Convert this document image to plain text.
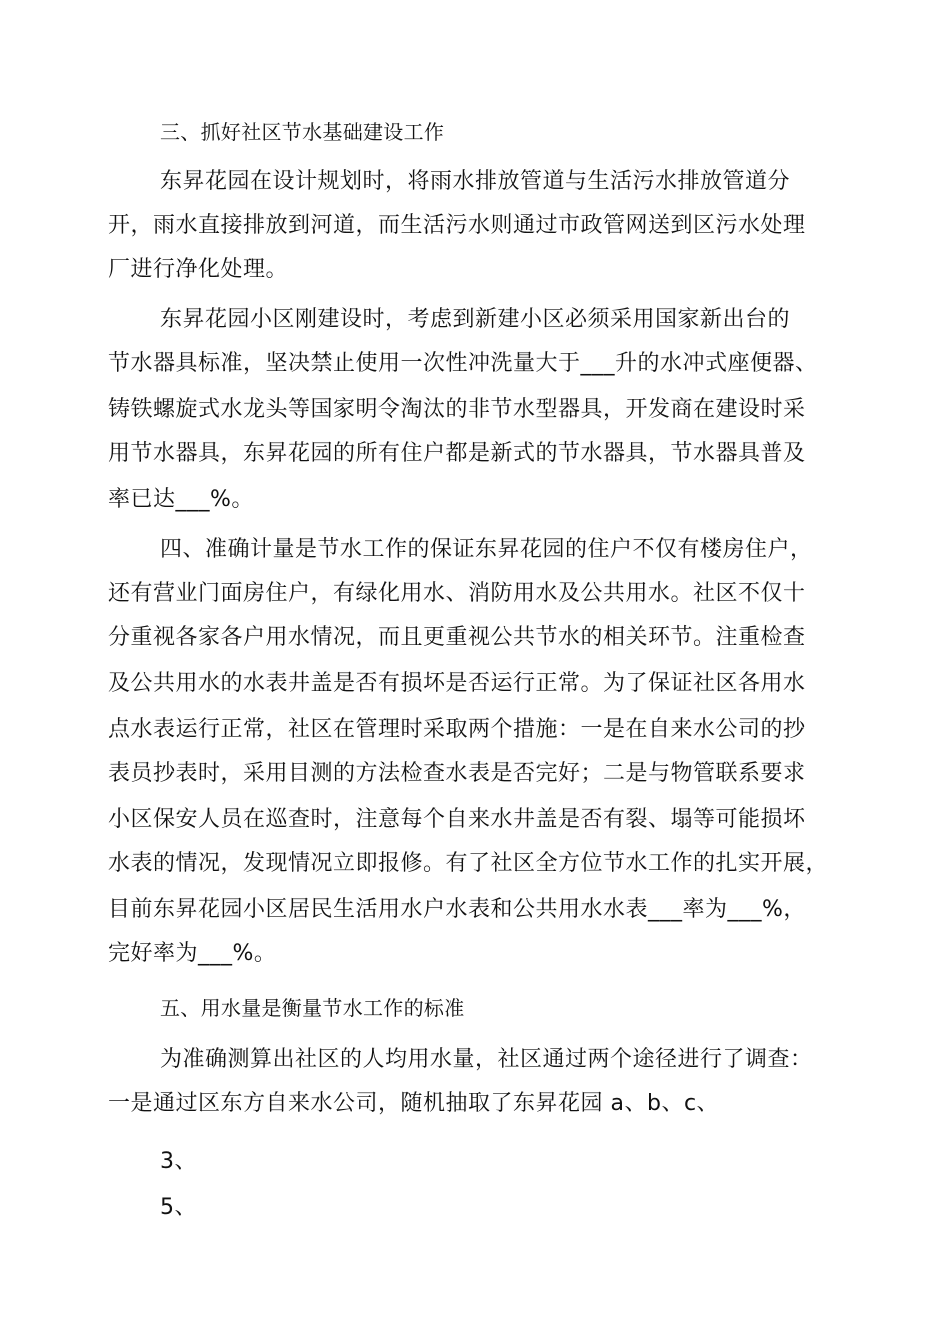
三、抓好社区节水基础建设工作
东昇花园在设计规划时，将雨水排放管道与生活污水排放管道分
开，雨水直接排放到河道，而生活污水则通过市政管网送到区污水处理
厂进行净化处理。
东昇花园小区刚建设时，考虑到新建小区必须采用国家新出台的
节水器具标准，坚决禁止使用一次性冲洗量大于___升的水冲式座便器、
铸铁螺旋式水龙头等国家明令淘汰的非节水型器具，开发商在建设时采
用节水器具，东昇花园的所有住户都是新式的节水器具，节水器具普及
率已达___%。
四、准确计量是节水工作的保证东昇花园的住户不仅有楼房住户，
还有营业门面房住户，有绿化用水、消防用水及公共用水。社区不仅十
分重视各家各户用水情况，而且更重视公共节水的相关环节。注重检查
及公共用水的水表井盖是否有损坏是否运行正常。为了保证社区各用水
点水表运行正常，社区在管理时采取两个措施：一是在自来水公司的抄
表员抄表时，采用目测的方法检查水表是否完好；二是与物管联系要求
小区保安人员在巡查时，注意每个自来水井盖是否有裂、塌等可能损坏
水表的情况，发现情况立即报修。有了社区全方位节水工作的扎实开展，
目前东昇花园小区居民生活用水户水表和公共用水水表___率为___%，
完好率为___%。
五、用水量是衡量节水工作的标准
为准确测算出社区的人均用水量，社区通过两个途径进行了调查：
一是通过区东方自来水公司，随机抽取了东昇花园 a、b、c、
3、
5、
